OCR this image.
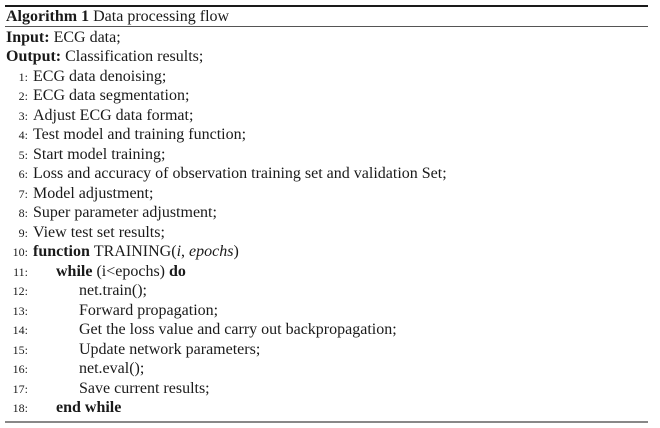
Algorithm 1 Data processing flow
Input: ECG data;
Output: Classification results;
1: ECG data denoising;
2: ECG data segmentation;
3: Adjust ECG data format;
4: Test model and training function;
5: Start model training;
6: Loss and accuracy of observation training set and validation Set;
7: Model adjustment;
8: Super parameter adjustment;
9: View test set results;
10: function TRAINING(i, epochs)
11: while (i<epochs) do
12:	net.train();
13:	Forward propagation;
14:	Get the loss value and carry out backpropagation;
15:	Update network parameters;
16:	net.eval();
17:	Save current results;
18: end while
